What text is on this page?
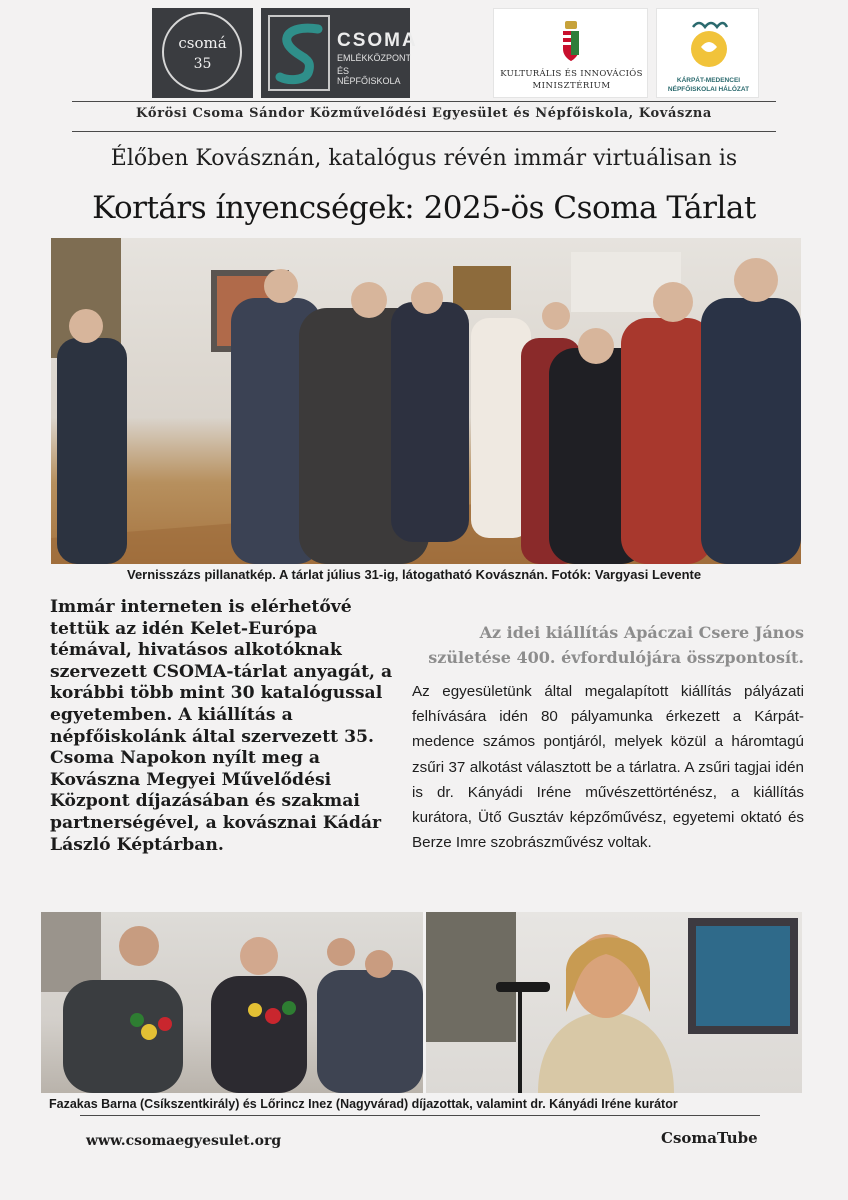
csomá
35
CSOMA
EMLÉKKÖZPONT
ÉS NÉPFŐISKOLA
KULTURÁLIS ÉS INNOVÁCIÓS
MINISZTÉRIUM
KÁRPÁT-MEDENCEI
NÉPFŐISKOLAI HÁLÓZAT
Kőrösi Csoma Sándor Közművelődési Egyesület és Népfőiskola, Kovászna
Élőben Kovásznán, katalógus révén immár virtuálisan is
Kortárs ínyencségek: 2025-ös Csoma Tárlat
Vernisszázs pillanatkép. A tárlat július 31-ig, látogatható Kovásznán. Fotók: Vargyasi Levente
Immár interneten is elérhetővé tettük az idén Kelet-Európa témával, hivatásos alkotóknak szervezett CSOMA-tárlat anyagát, a korábbi több mint 30 katalógussal egyetemben. A kiállítás a népfőiskolánk által szervezett 35. Csoma Napokon nyílt meg a Kovászna Megyei Művelődési Központ díjazásában és szakmai partnerségével, a kovásznai Kádár László Képtárban.
Az idei kiállítás Apáczai Csere János
születése 400. évfordulójára összpontosít.
Az egyesületünk által megalapított kiállítás pályázati felhívására idén 80 pályamunka érkezett a Kárpát-medence számos pontjáról, melyek közül a háromtagú zsűri 37 alkotást választott be a tárlatra. A zsűri tagjai idén is dr. Kányádi Iréne művészettörténész, a kiállítás kurátora, Ütő Gusztáv képzőművész, egyetemi oktató és Berze Imre szobrászművész voltak.
Fazakas Barna (Csíkszentkirály) és Lőrincz Inez (Nagyvárad) díjazottak, valamint dr. Kányádi Iréne kurátor
www.csomaegyesulet.org	CsomaTube
